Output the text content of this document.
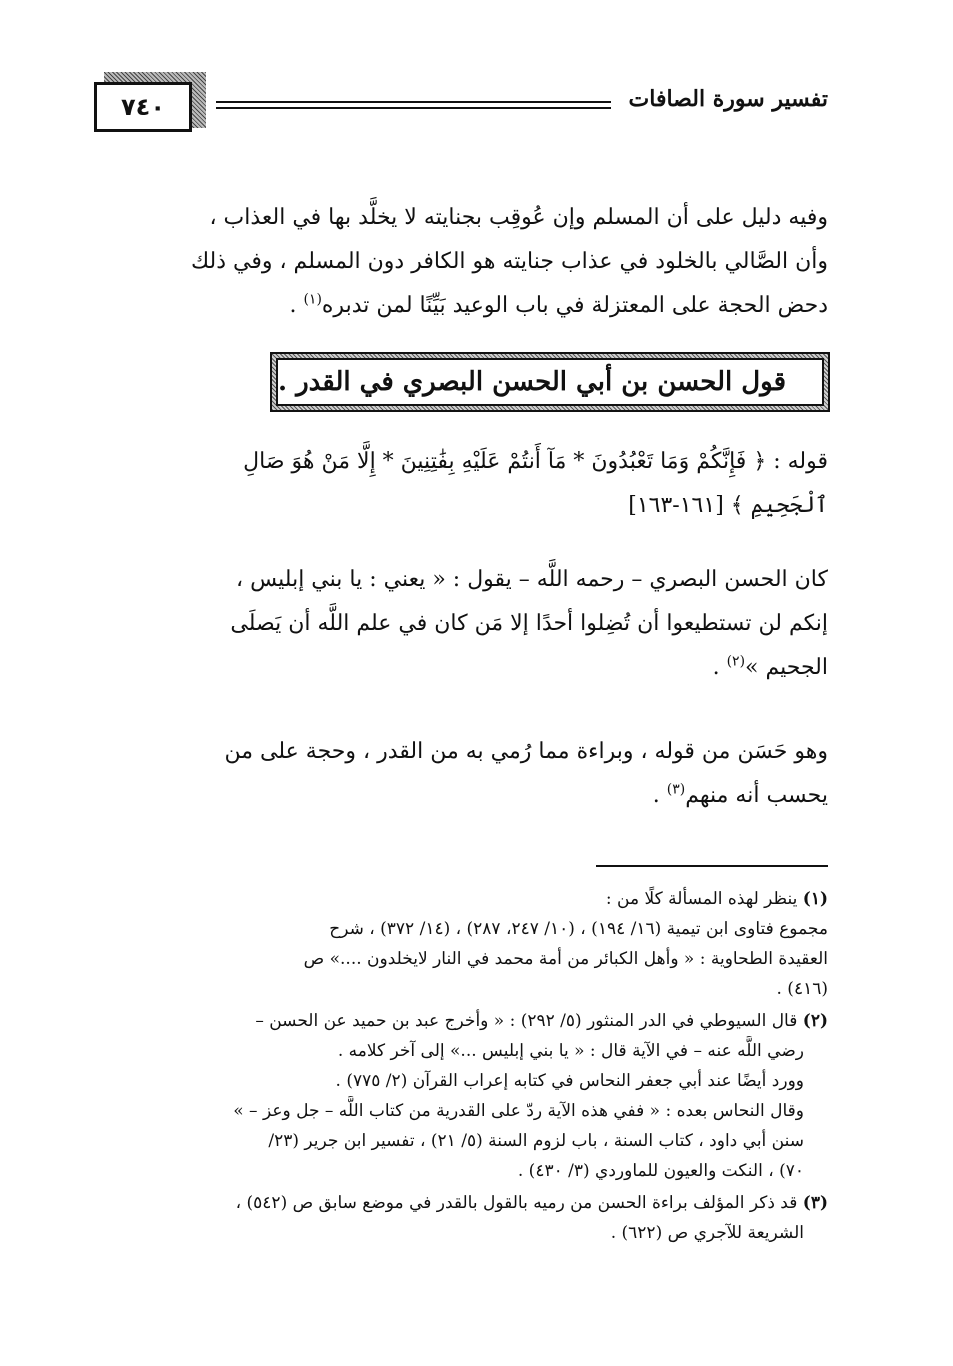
٧٤٠	تفسير سورة الصافات

وفيه دليل على أن المسلم وإن عُوقِب بجنايته لا يخلَّد بها في العذاب ،

وأن الصَّالي بالخلود في عذاب جنايته هو الكافر دون المسلم ، وفي ذلك

دحض الحجة على المعتزلة في باب الوعيد بَيِّنًا لمن تدبره$^{(١)}$ .

قول الحسن بن أبي الحسن البصري في القدر .

قوله : ﴿ فَإِنَّكُمْ وَمَا تَعْبُدُونَ * مَآ أَنتُمْ عَلَيْهِ بِفَٰتِنِينَ * إِلَّا مَنْ هُوَ صَالِ

ٱلْجَحِيمِ ﴾ [١٦١-١٦٣]

كان الحسن البصري – رحمه اللَّه – يقول : « يعني : يا بني إبليس ،

إنكم لن تستطيعوا أن تُضِلوا أحدًا إلا مَن كان في علم اللَّه أن يَصلَى

الجحيم »$^{(٢)}$ .

وهو حَسَن من قوله ، وبراءة مما رُمي به من القدر ، وحجة على من

يحسب أنه منهم$^{(٣)}$ .

(١) ينظر لهذه المسألة كلًا من :
مجموع فتاوى ابن تيمية (١٦/ ١٩٤) ، (١٠/ ٢٤٧، ٢٨٧) ، (١٤/ ٣٧٢) ، شرح
العقيدة الطحاوية : « وأهل الكبائر من أمة محمد في النار لايخلدون ....» ص
(٤١٦) .
(٢) قال السيوطي في الدر المنثور (٥/ ٢٩٢) : « وأخرج عبد بن حميد عن الحسن –
رضي اللَّه عنه – في الآية قال : « يا بني إبليس ...» إلى آخر كلامه .
وورد أيضًا عند أبي جعفر النحاس في كتابه إعراب القرآن (٢/ ٧٧٥) .
وقال النحاس بعده : « ففي هذه الآية ردّ على القدرية من كتاب اللَّه – جل وعز – »
سنن أبي داود ، كتاب السنة ، باب لزوم السنة (٥/ ٢١) ، تفسير ابن جرير (٢٣/
٧٠) ، النكت والعيون للماوردي (٣/ ٤٣٠) .
(٣) قد ذكر المؤلف براءة الحسن من رميه بالقول بالقدر في موضع سابق ص (٥٤٢) ،
الشريعة للآجري ص (٦٢٢) .
